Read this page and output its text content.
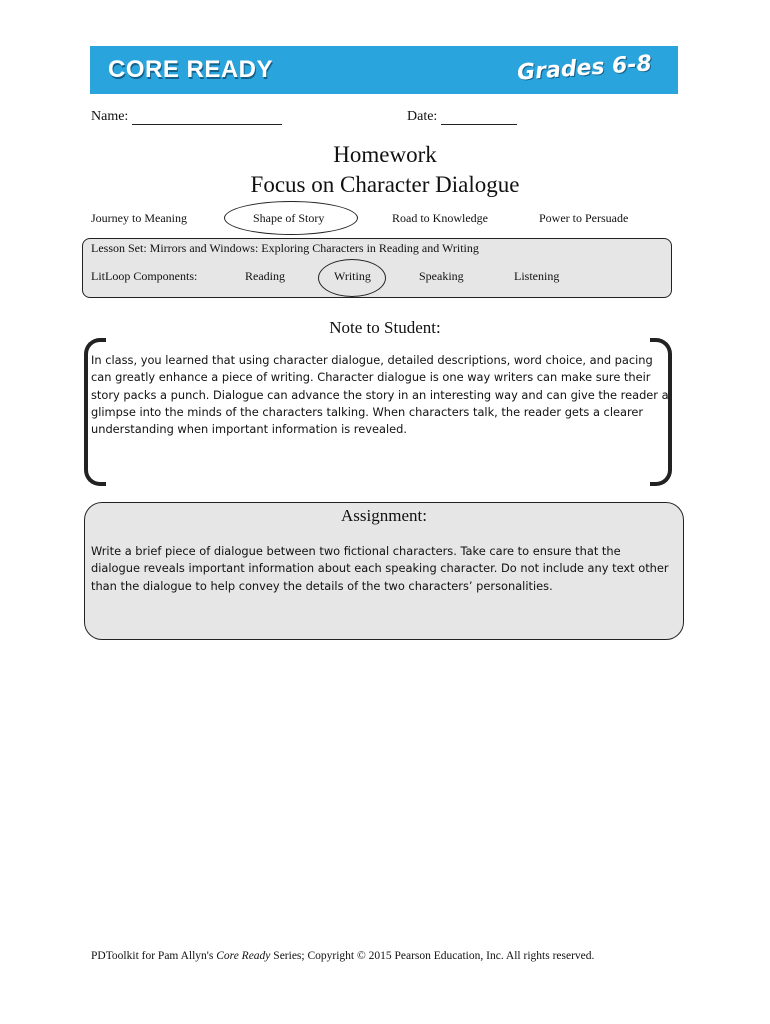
CORE READY	Grades 6-8
Name:	Date:
Homework
Focus on Character Dialogue
Journey to Meaning	Shape of Story	Road to Knowledge	Power to Persuade
Lesson Set: Mirrors and Windows: Exploring Characters in Reading and Writing
LitLoop Components:	Reading	Writing	Speaking	Listening
Note to Student:
In class, you learned that using character dialogue, detailed descriptions, word choice, and pacing can greatly enhance a piece of writing. Character dialogue is one way writers can make sure their story packs a punch. Dialogue can advance the story in an interesting way and can give the reader a glimpse into the minds of the characters talking. When characters talk, the reader gets a clearer understanding when important information is revealed.
Assignment:
Write a brief piece of dialogue between two fictional characters. Take care to ensure that the dialogue reveals important information about each speaking character. Do not include any text other than the dialogue to help convey the details of the two characters’ personalities.
PDToolkit for Pam Allyn's Core Ready Series; Copyright © 2015 Pearson Education, Inc. All rights reserved.
